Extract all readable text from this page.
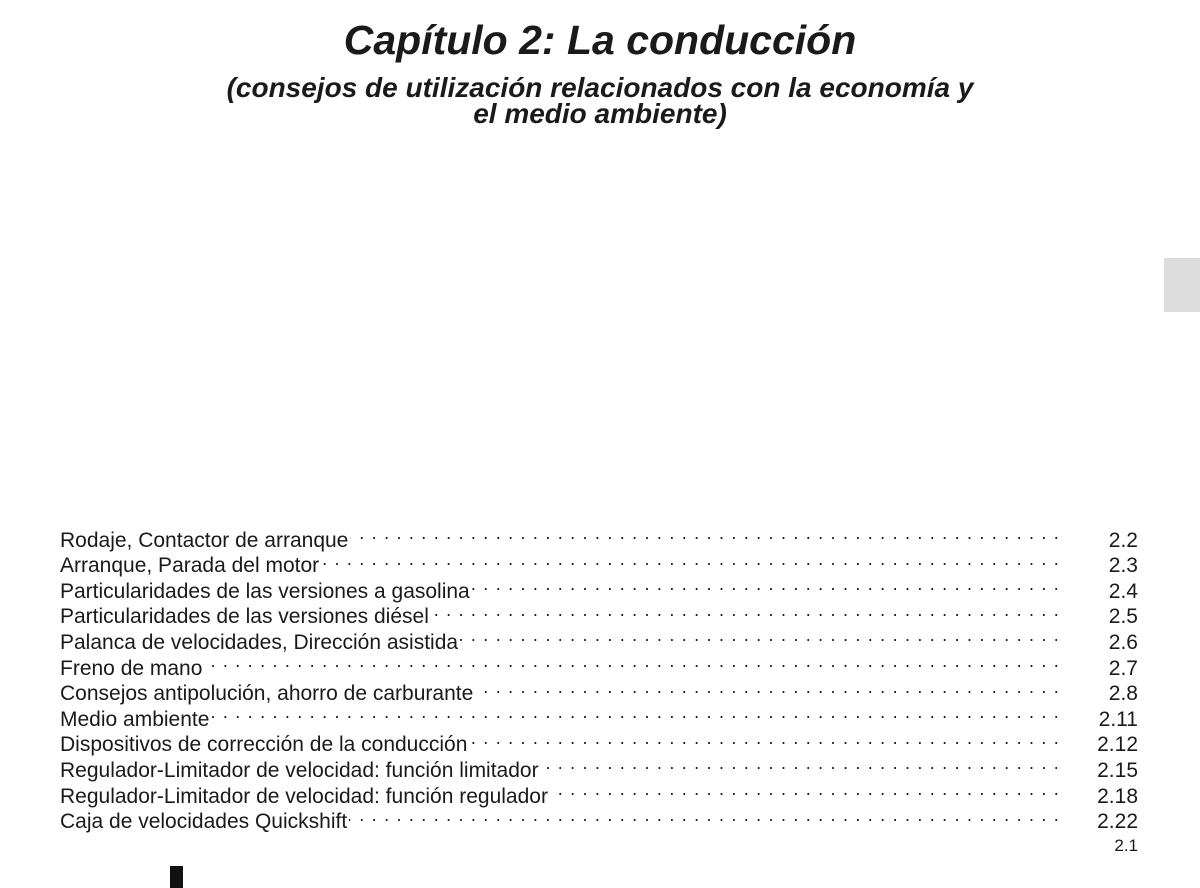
Capítulo 2: La conducción
(consejos de utilización relacionados con la economía y
el medio ambiente)
Rodaje, Contactor de arranque . . .	2.2
Arranque, Parada del motor . . .	2.3
Particularidades de las versiones a gasolina . . .	2.4
Particularidades de las versiones diésel . . .	2.5
Palanca de velocidades, Dirección asistida . . .	2.6
Freno de mano . . .	2.7
Consejos antipolución, ahorro de carburante . . .	2.8
Medio ambiente . . .	2.11
Dispositivos de corrección de la conducción . . .	2.12
Regulador-Limitador de velocidad: función limitador . . .	2.15
Regulador-Limitador de velocidad: función regulador . . .	2.18
Caja de velocidades Quickshift . . .	2.22
2.1
